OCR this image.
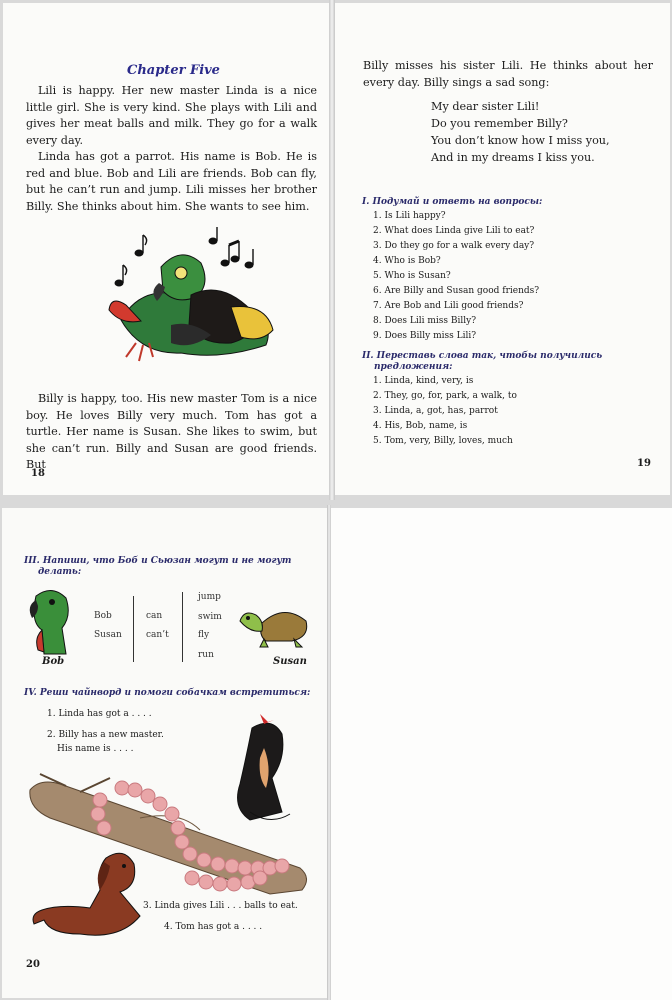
Chapter Five

Lili is happy. Her new master Linda is a nice little girl. She is very kind. She plays with Lili and gives her meat balls and milk. They go for a walk every day.

Linda has got a parrot. His name is Bob. He is red and blue. Bob and Lili are friends. Bob can fly, but he can’t run and jump. Lili misses her brother Billy. She thinks about him. She wants to see him.

Billy is happy, too. His new master Tom is a nice boy. He loves Billy very much. Tom has got a turtle. Her name is Susan. She likes to swim, but she can’t run. Billy and Susan are good friends. But

18

Billy misses his sister Lili. He thinks about her every day. Billy sings a sad song:

My dear sister Lili!
Do you remember Billy?
You don’t know how I miss you,
And in my dreams I kiss you.
I. Подумай и ответь на вопросы:
1. Is Lili happy?
2. What does Linda give Lili to eat?
3. Do they go for a walk every day?
4. Who is Bob?
5. Who is Susan?
6. Are Billy and Susan good friends?
7. Are Bob and Lili good friends?
8. Does Lili miss Billy?
9. Does Billy miss Lili?
II. Переставь слова так, чтобы получились
предложения:
1. Linda, kind, very, is
2. They, go, for, park, a walk, to
3. Linda, a, got, has, parrot
4. His, Bob, name, is
5. Tom, very, Billy, loves, much
19
III. Напиши, что Боб и Сьюзан могут и не могут
делать:
Bob
Bob
Susan
can
can’t
jump
swim
fly
run
Susan
IV. Реши чайнворд и помоги собачкам встретиться:
1. Linda has got a . . . .
2. Billy has a new master.
His name is . . . .
3. Linda gives Lili . . . balls to eat.
4. Tom has got a . . . .
20
